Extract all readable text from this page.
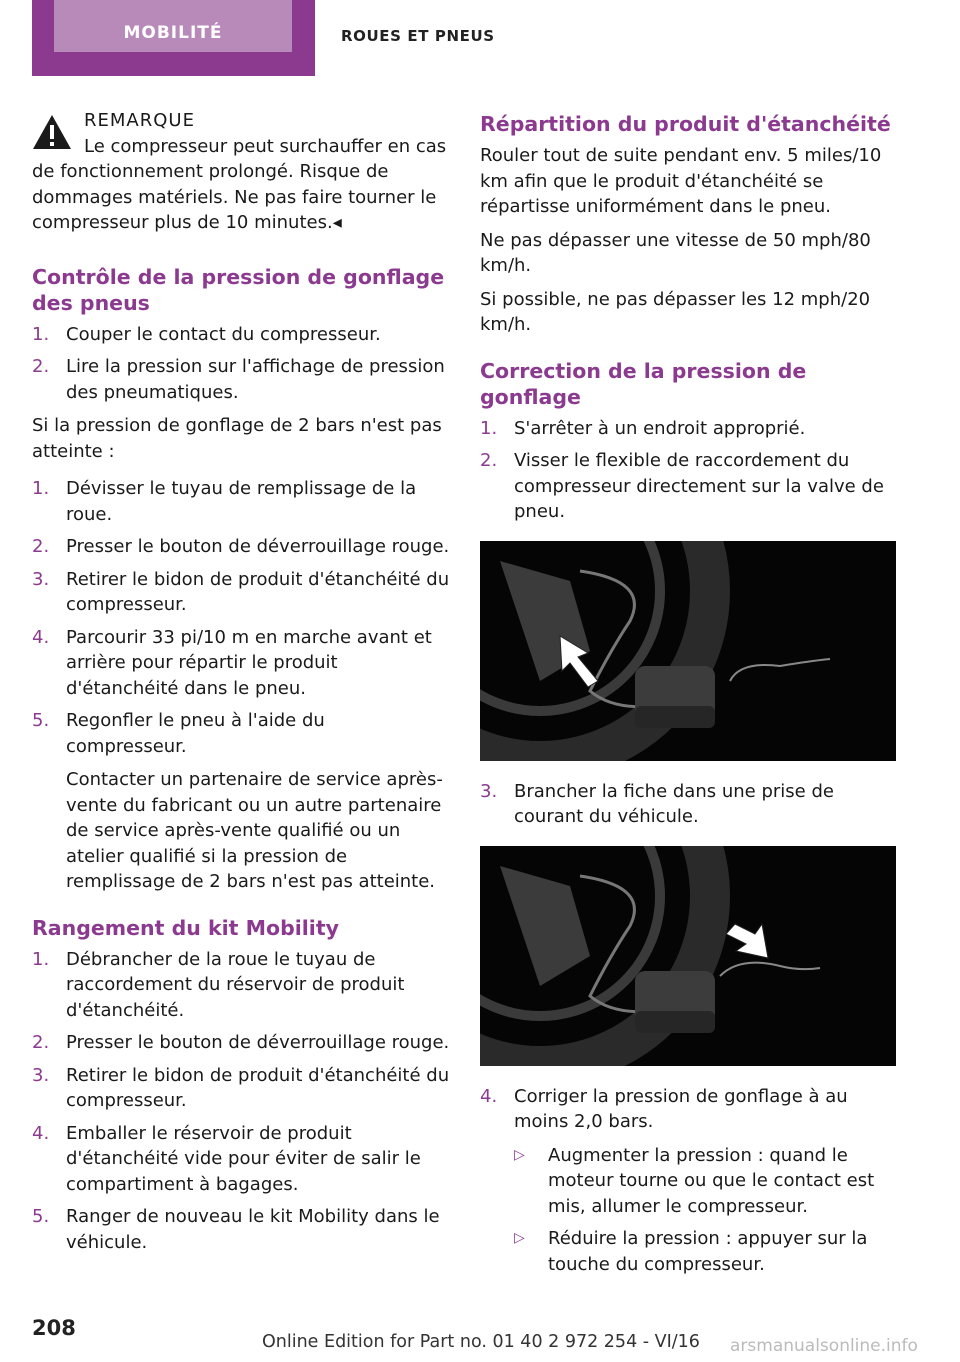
MOBILITÉ	ROUES ET PNEUS

REMARQUE

Le compresseur peut surchauffer en cas

de fonctionnement prolongé. Risque de dommages matériels. Ne pas faire tourner le compresseur plus de 10 minutes.◂

Contrôle de la pression de gonflage des pneus
1. Couper le contact du compresseur.
2. Lire la pression sur l'affichage de pression des pneumatiques.

Si la pression de gonflage de 2 bars n'est pas atteinte :

1. Dévisser le tuyau de remplissage de la roue.
2. Presser le bouton de déverrouillage rouge.
3. Retirer le bidon de produit d'étanchéité du compresseur.
4. Parcourir 33 pi/10 m en marche avant et arrière pour répartir le produit d'étanchéité dans le pneu.
5. Regonfler le pneu à l'aide du compresseur.
Contacter un partenaire de service après-vente du fabricant ou un autre partenaire de service après-vente qualifié ou un atelier qualifié si la pression de remplissage de 2 bars n'est pas atteinte.
Rangement du kit Mobility
1. Débrancher de la roue le tuyau de raccordement du réservoir de produit d'étanchéité.
2. Presser le bouton de déverrouillage rouge.
3. Retirer le bidon de produit d'étanchéité du compresseur.
4. Emballer le réservoir de produit d'étanchéité vide pour éviter de salir le compartiment à bagages.
5. Ranger de nouveau le kit Mobility dans le véhicule.
Répartition du produit d'étanchéité

Rouler tout de suite pendant env. 5 miles/10 km afin que le produit d'étanchéité se répartisse uniformément dans le pneu.

Ne pas dépasser une vitesse de 50 mph/80 km/h.

Si possible, ne pas dépasser les 12 mph/20 km/h.

Correction de la pression de gonflage
1. S'arrêter à un endroit approprié.
2. Visser le flexible de raccordement du compresseur directement sur la valve de pneu.
3. Brancher la fiche dans une prise de courant du véhicule.
4. Corriger la pression de gonflage à au moins 2,0 bars.
▷ Augmenter la pression : quand le moteur tourne ou que le contact est mis, allumer le compresseur.
▷ Réduire la pression : appuyer sur la touche du compresseur.
208
Online Edition for Part no. 01 40 2 972 254 - VI/16 arsmanualsonline.info
